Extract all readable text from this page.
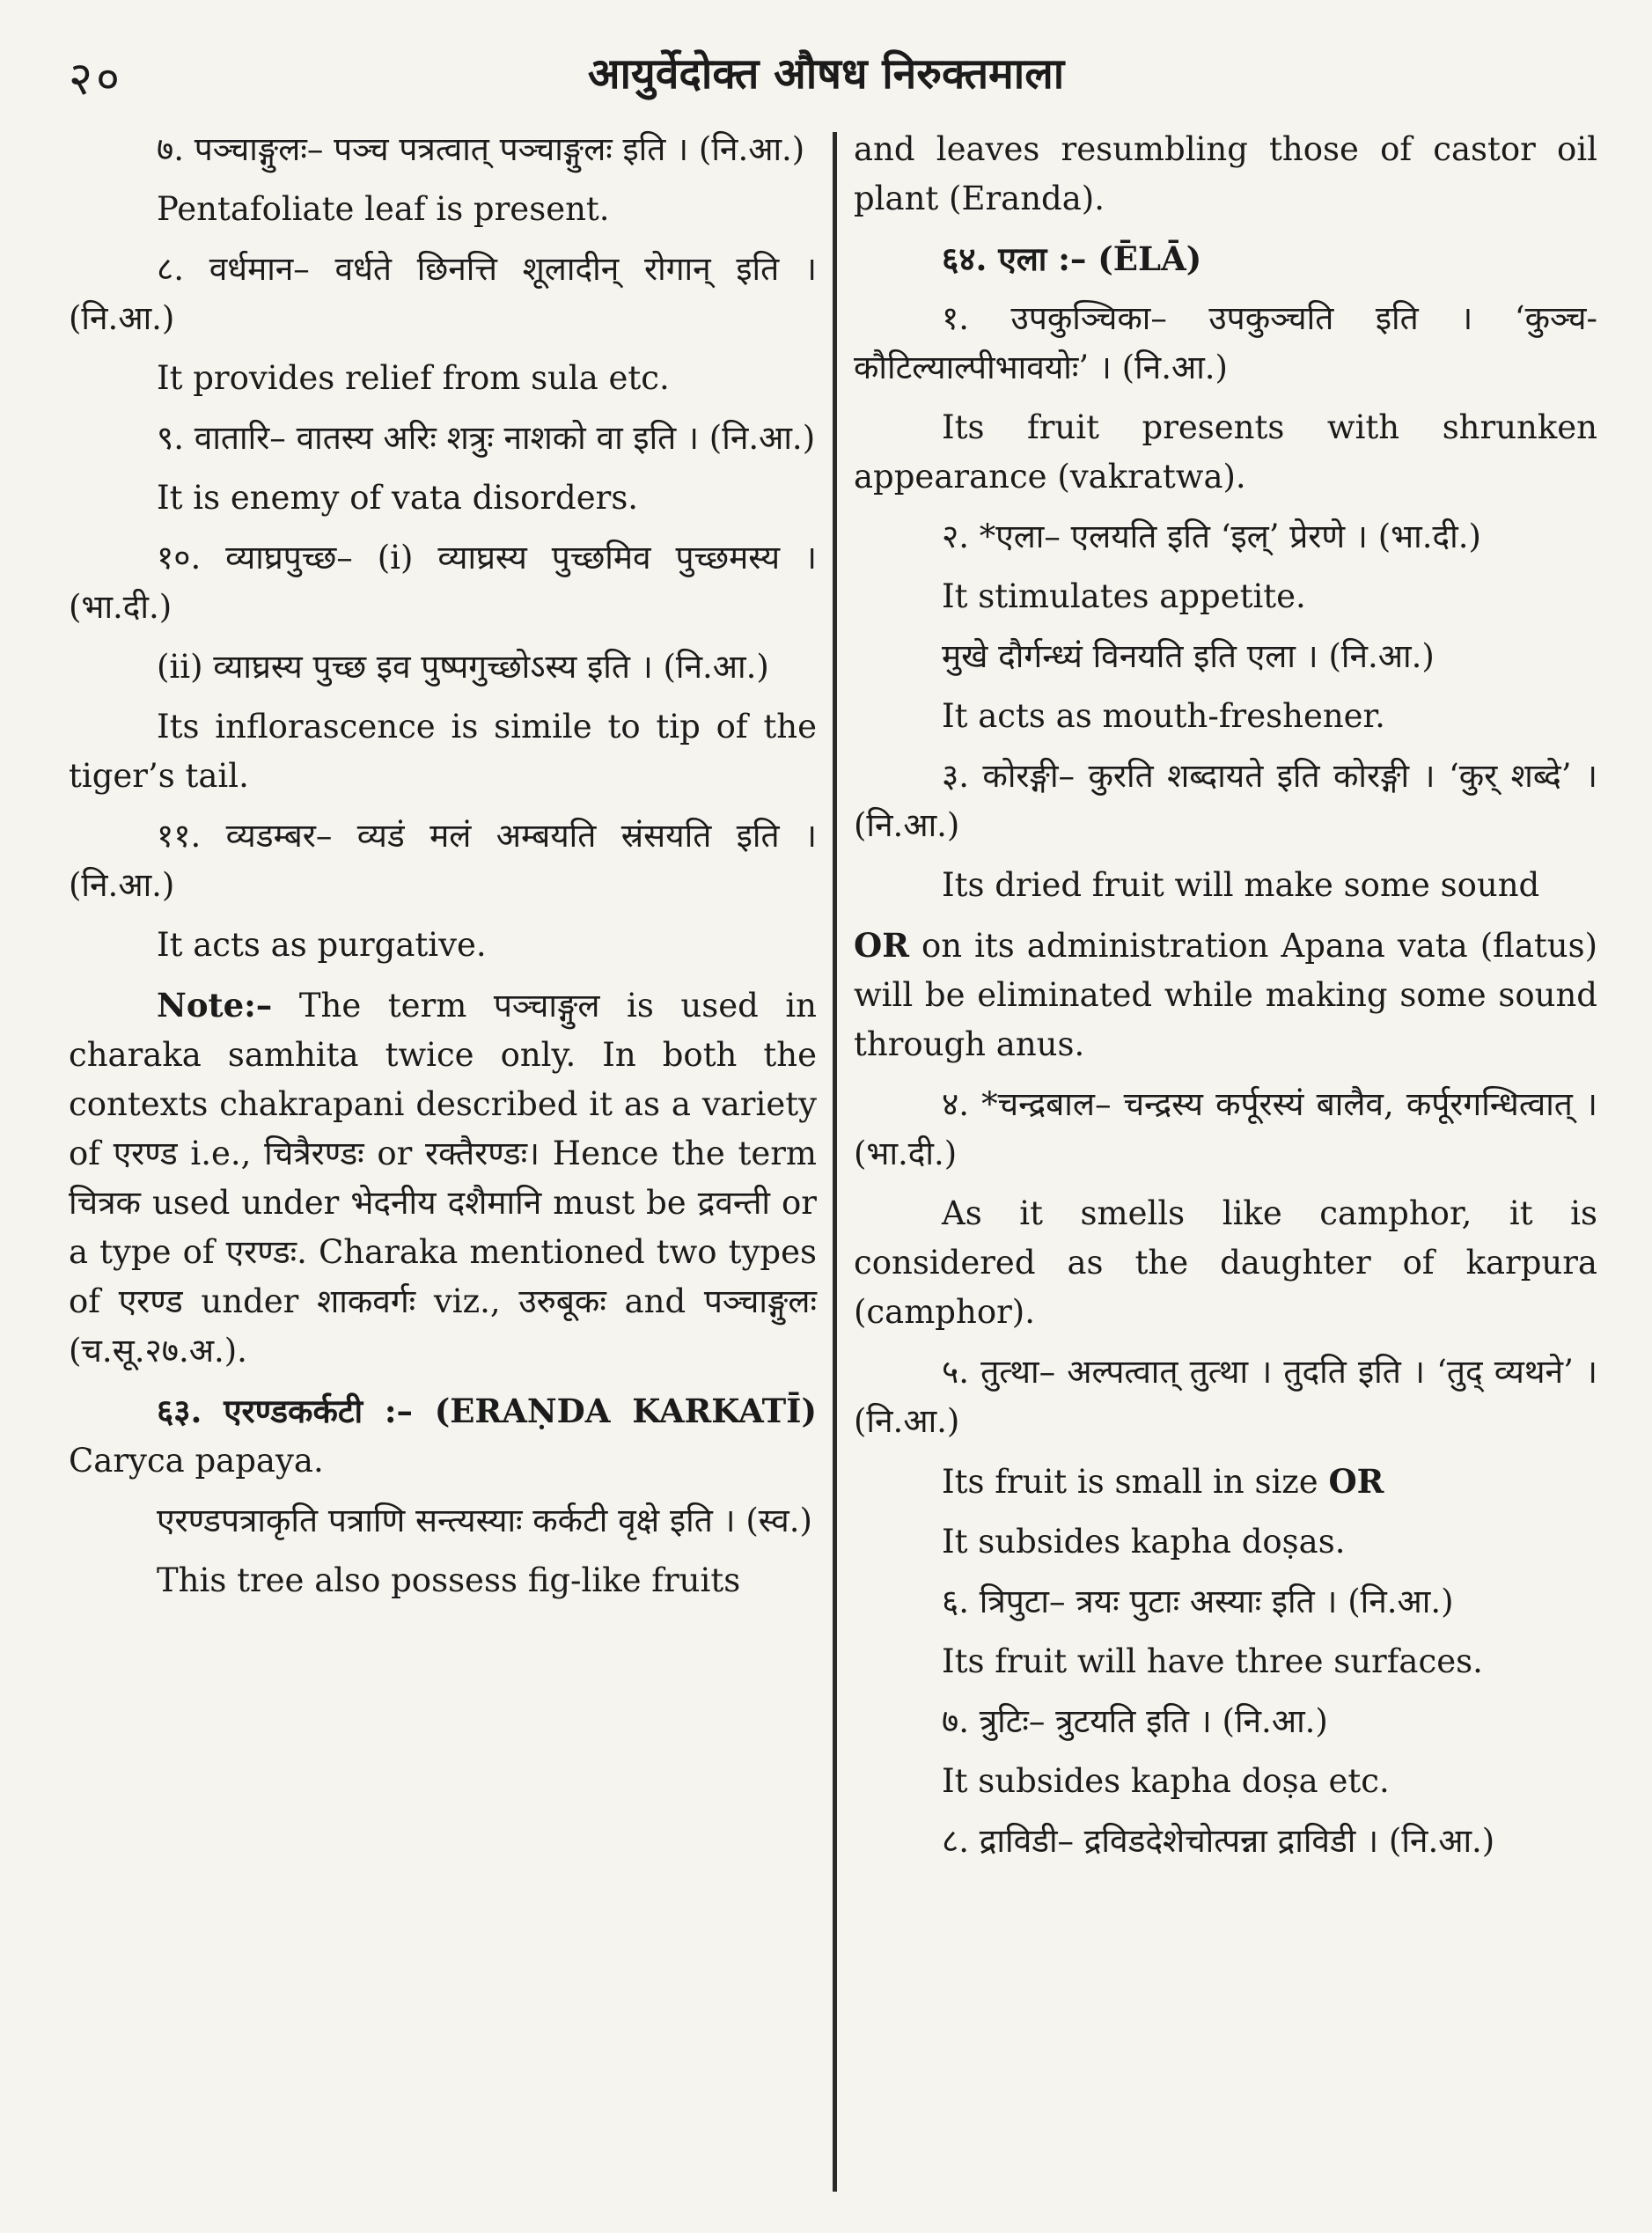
२०	आयुर्वेदोक्त औषध निरुक्तमाला

७. पञ्चाङ्गुलः– पञ्च पत्रत्वात् पञ्चाङ्गुलः इति । (नि.आ.)

Pentafoliate leaf is present.

८. वर्धमान– वर्धते छिनत्ति शूलादीन् रोगान् इति । (नि.आ.)

It provides relief from sula etc.

९. वातारि– वातस्य अरिः शत्रुः नाशको वा इति । (नि.आ.)

It is enemy of vata disorders.

१०. व्याघ्रपुच्छ– (i) व्याघ्रस्य पुच्छमिव पुच्छमस्य । (भा.दी.)

(ii) व्याघ्रस्य पुच्छ इव पुष्पगुच्छोऽस्य इति । (नि.आ.)

Its inflorascence is simile to tip of the tiger’s tail.

११. व्यडम्बर– व्यडं मलं अम्बयति स्रंसयति इति । (नि.आ.)

It acts as purgative.

Note:– The term पञ्चाङ्गुल is used in charaka samhita twice only. In both the contexts chakrapani described it as a variety of एरण्ड i.e., चित्रैरण्डः or रक्तैरण्डः। Hence the term चित्रक used under भेदनीय दशैमानि must be द्रवन्ती or a type of एरण्डः. Charaka mentioned two types of एरण्ड under शाकवर्गः viz., उरुबूकः and पञ्चाङ्गुलः (च.सू.२७.अ.).

६३. एरण्डकर्कटी :– (ERAṆDA KARKATĪ) Caryca papaya.

एरण्डपत्राकृति पत्राणि सन्त्यस्याः कर्कटी वृक्षे इति । (स्व.)

This tree also possess fig-like fruits

and leaves resumbling those of castor oil plant (Eranda).

६४. एला :– (ĒLĀ)

१. उपकुञ्चिका– उपकुञ्चति इति । ‘कुञ्च-कौटिल्याल्पीभावयोः’ । (नि.आ.)

Its fruit presents with shrunken appearance (vakratwa).

२. *एला– एलयति इति ‘इल्’ प्रेरणे । (भा.दी.)

It stimulates appetite.

मुखे दौर्गन्ध्यं विनयति इति एला । (नि.आ.)

It acts as mouth-freshener.

३. कोरङ्गी– कुरति शब्दायते इति कोरङ्गी । ‘कुर् शब्दे’ । (नि.आ.)

Its dried fruit will make some sound

OR on its administration Apana vata (flatus) will be eliminated while making some sound through anus.

४. *चन्द्रबाल– चन्द्रस्य कर्पूरस्यं बालैव, कर्पूरगन्धित्वात् । (भा.दी.)

As it smells like camphor, it is considered as the daughter of karpura (camphor).

५. तुत्था– अल्पत्वात् तुत्था । तुदति इति । ‘तुद् व्यथने’ । (नि.आ.)

Its fruit is small in size OR

It subsides kapha doṣas.

६. त्रिपुटा– त्रयः पुटाः अस्याः इति । (नि.आ.)

Its fruit will have three surfaces.

७. त्रुटिः– त्रुटयति इति । (नि.आ.)

It subsides kapha doṣa etc.

८. द्राविडी– द्रविडदेशेचोत्पन्ना द्राविडी । (नि.आ.)
